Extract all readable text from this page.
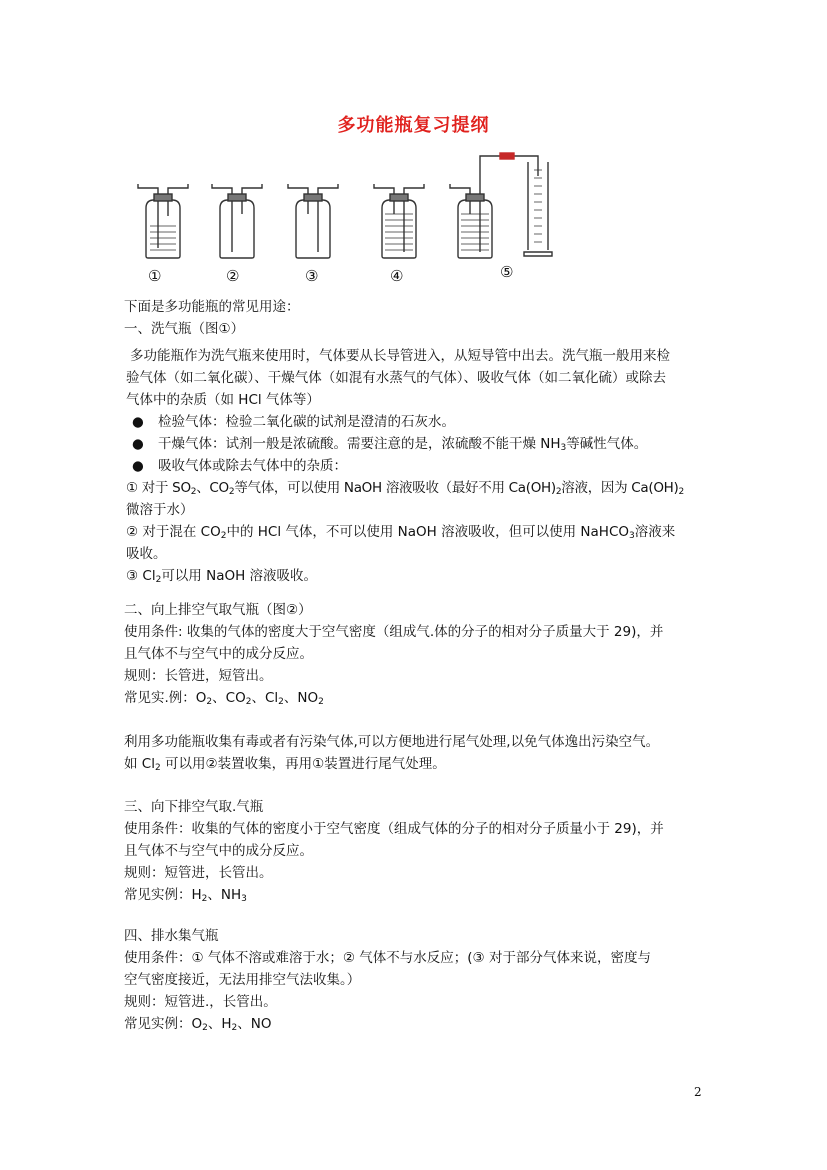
多功能瓶复习提纲
①	②	③	④	⑤
下面是多功能瓶的常见用途：
一、洗气瓶（图①）
多功能瓶作为洗气瓶来使用时，气体要从长导管进入，从短导管中出去。洗气瓶一般用来检
验气体（如二氧化碳）、干燥气体（如混有水蒸气的气体）、吸收气体（如二氧化硫）或除去
气体中的杂质（如 HCl 气体等）
● 检验气体：检验二氧化碳的试剂是澄清的石灰水。
● 干燥气体：试剂一般是浓硫酸。需要注意的是，浓硫酸不能干燥 $NH_3$等碱性气体。
● 吸收气体或除去气体中的杂质：
① 对于 $SO_2$、$CO_2$等气体，可以使用 NaOH 溶液吸收（最好不用 $Ca(OH)_2$溶液，因为 $Ca(OH)_2$
微溶于水）
② 对于混在 $CO_2$中的 HCl 气体，不可以使用 NaOH 溶液吸收，但可以使用 NaHCO$_3$溶液来
吸收。
③ $Cl_2$可以用 NaOH 溶液吸收。
二、向上排空气取气瓶（图②）
使用条件: 收集的气体的密度大于空气密度（组成气.体的分子的相对分子质量大于 29)，并
且气体不与空气中的成分反应。
规则：长管进，短管出。
常见实.例：$O_2$、$CO_2$、$Cl_2$、$NO_2$
利用多功能瓶收集有毒或者有污染气体,可以方便地进行尾气处理,以免气体逸出污染空气。
如 $Cl_2$ 可以用②装置收集，再用①装置进行尾气处理。
三、向下排空气取.气瓶
使用条件：收集的气体的密度小于空气密度（组成气体的分子的相对分子质量小于 29)，并
且气体不与空气中的成分反应。
规则：短管进，长管出。
常见实例：$H_2$、$NH_3$
四、排水集气瓶
使用条件：① 气体不溶或难溶于水；② 气体不与水反应；(③ 对于部分气体来说，密度与
空气密度接近，无法用排空气法收集。）
规则：短管进.，长管出。
常见实例：$O_2$、$H_2$、NO
2
